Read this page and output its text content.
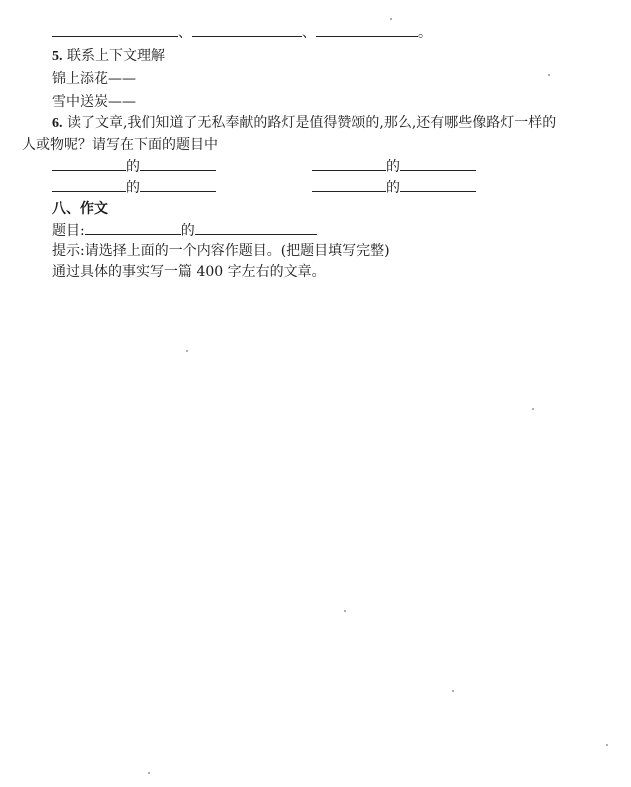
、	、	。
5. 联系上下文理解
锦上添花——
雪中送炭——
6. 读了文章,我们知道了无私奉献的路灯是值得赞颂的,那么,还有哪些像路灯一样的
人或物呢？请写在下面的题目中
的	的
的	的
八、作文
题目:	的
提示:请选择上面的一个内容作题目。(把题目填写完整)
通过具体的事实写一篇 400 字左右的文章。
